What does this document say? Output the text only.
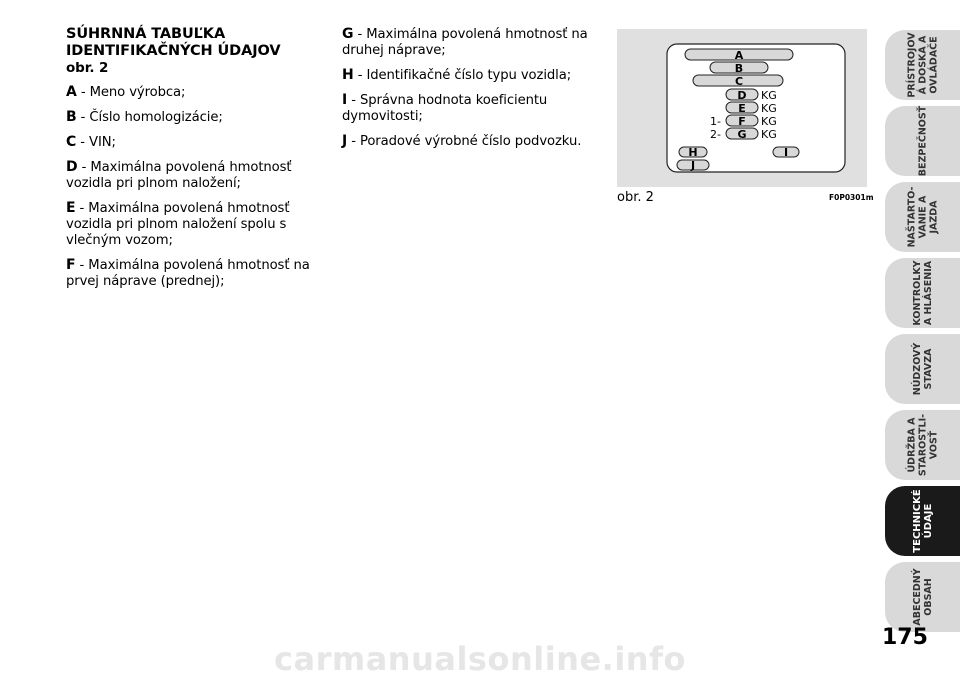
SÚHRNNÁ TABUĽKA

IDENTIFIKAČNÝCH ÚDAJOV

obr. 2

A - Meno výrobca;

B - Číslo homologizácie;

C - VIN;

D - Maximálna povolená hmotnosť vozidla pri plnom naložení;

E - Maximálna povolená hmotnosť vozidla pri plnom naložení spolu s vlečným vozom;

F - Maximálna povolená hmotnosť na prvej náprave (prednej);

G - Maximálna povolená hmotnosť na druhej náprave;

H - Identifikačné číslo typu vozidla;

I - Správna hodnota koeficientu dymovitosti;

J - Poradové výrobné číslo podvozku.

A
B
C
D
E
F
G
H
J
I
KG
KG
KG
KG
1-
2-
obr. 2	F0P0301m
PRÍSTROJOV
Á DOSKA A
OVLÁDAČE
BEZPEČNOSŤ
NAŠTARTO-
VANIE A
JAZDA
KONTROLKY
A HLÁSENIA
NÚDZOVÝ
STAVZA
ÚDRŽBA A
STAROSTLI-
VOSŤ
TECHNICKÉ
ÚDAJE
ABECEDNÝ
OBSAH
175
carmanualsonline.info
